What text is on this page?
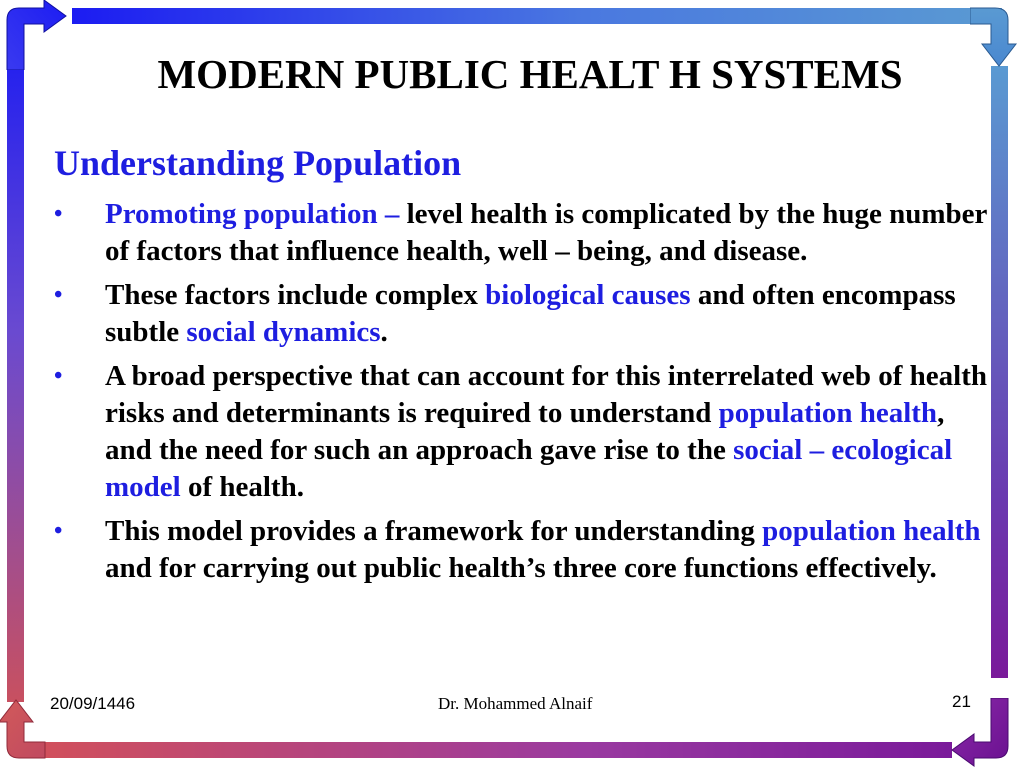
MODERN PUBLIC HEALT H SYSTEMS
Understanding Population
• Promoting population – level health is complicated by the huge number of factors that influence health, well – being, and disease.
• These factors include complex biological causes and often encompass subtle social dynamics.
• A broad perspective that can account for this interrelated web of health risks and determinants is required to understand population health, and the need for such an approach gave rise to the social – ecological model of health.
• This model provides a framework for understanding population health and for carrying out public health’s three core functions effectively.
20/09/1446	Dr. Mohammed Alnaif	21
